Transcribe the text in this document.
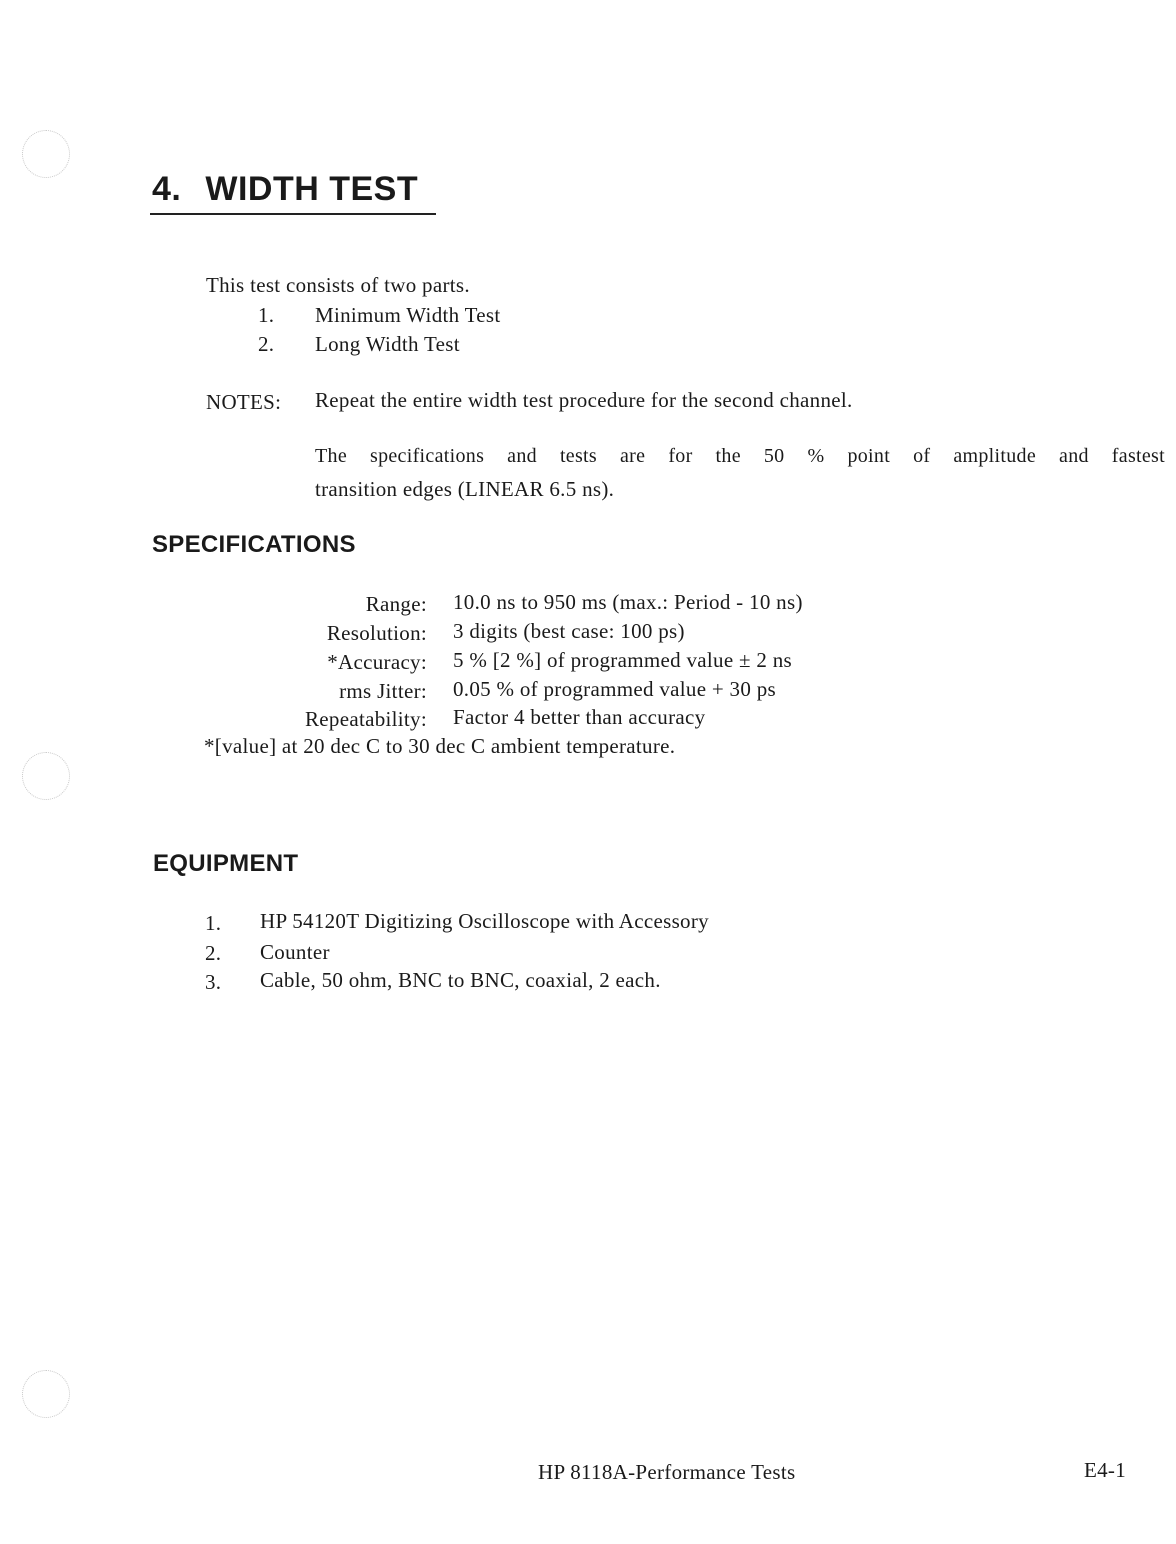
4. WIDTH TEST
This test consists of two parts.
1. Minimum Width Test
2. Long Width Test
NOTES: Repeat the entire width test procedure for the second channel.
The specifications and tests are for the 50 % point of amplitude and fastest
transition edges (LINEAR 6.5 ns).
SPECIFICATIONS
Range: 10.0 ns to 950 ms (max.: Period - 10 ns)
Resolution: 3 digits (best case: 100 ps)
*Accuracy: 5 % [2 %] of programmed value ± 2 ns
rms Jitter: 0.05 % of programmed value + 30 ps
Repeatability: Factor 4 better than accuracy
*[value] at 20 dec C to 30 dec C ambient temperature.
EQUIPMENT
1. HP 54120T Digitizing Oscilloscope with Accessory
2. Counter
3. Cable, 50 ohm, BNC to BNC, coaxial, 2 each.
HP 8118A-Performance Tests	E4-1
